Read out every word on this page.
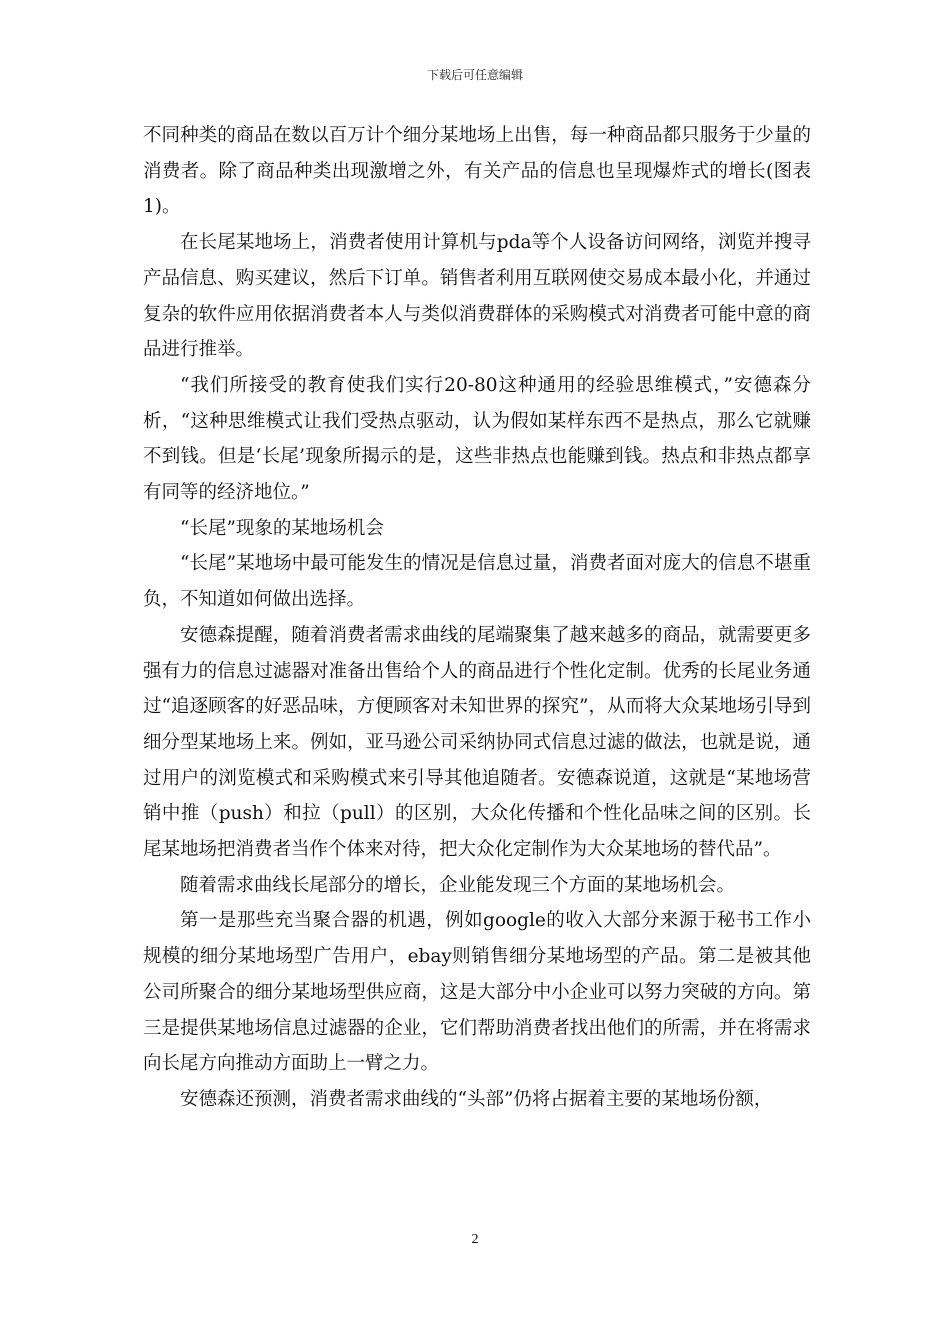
下载后可任意编辑

不同种类的商品在数以百万计个细分某地场上出售，每一种商品都只服务于少量的消费者。除了商品种类出现激增之外，有关产品的信息也呈现爆炸式的增长(图表1)。

在长尾某地场上，消费者使用计算机与pda等个人设备访问网络，浏览并搜寻产品信息、购买建议，然后下订单。销售者利用互联网使交易成本最小化，并通过复杂的软件应用依据消费者本人与类似消费群体的采购模式对消费者可能中意的商品进行推举。

“我们所接受的教育使我们实行20-80这种通用的经验思维模式，”安德森分析，“这种思维模式让我们受热点驱动，认为假如某样东西不是热点，那么它就赚不到钱。但是‘长尾’现象所揭示的是，这些非热点也能赚到钱。热点和非热点都享有同等的经济地位。”

“长尾”现象的某地场机会

“长尾”某地场中最可能发生的情况是信息过量，消费者面对庞大的信息不堪重负，不知道如何做出选择。

安德森提醒，随着消费者需求曲线的尾端聚集了越来越多的商品，就需要更多强有力的信息过滤器对准备出售给个人的商品进行个性化定制。优秀的长尾业务通过“追逐顾客的好恶品味，方便顾客对未知世界的探究”，从而将大众某地场引导到细分型某地场上来。例如，亚马逊公司采纳协同式信息过滤的做法，也就是说，通过用户的浏览模式和采购模式来引导其他追随者。安德森说道，这就是“某地场营销中推（push）和拉（pull）的区别，大众化传播和个性化品味之间的区别。长尾某地场把消费者当作个体来对待，把大众化定制作为大众某地场的替代品”。

随着需求曲线长尾部分的增长，企业能发现三个方面的某地场机会。

第一是那些充当聚合器的机遇，例如google的收入大部分来源于秘书工作小规模的细分某地场型广告用户，ebay则销售细分某地场型的产品。第二是被其他公司所聚合的细分某地场型供应商，这是大部分中小企业可以努力突破的方向。第三是提供某地场信息过滤器的企业，它们帮助消费者找出他们的所需，并在将需求向长尾方向推动方面助上一臂之力。

安德森还预测，消费者需求曲线的“头部”仍将占据着主要的某地场份额，

2
